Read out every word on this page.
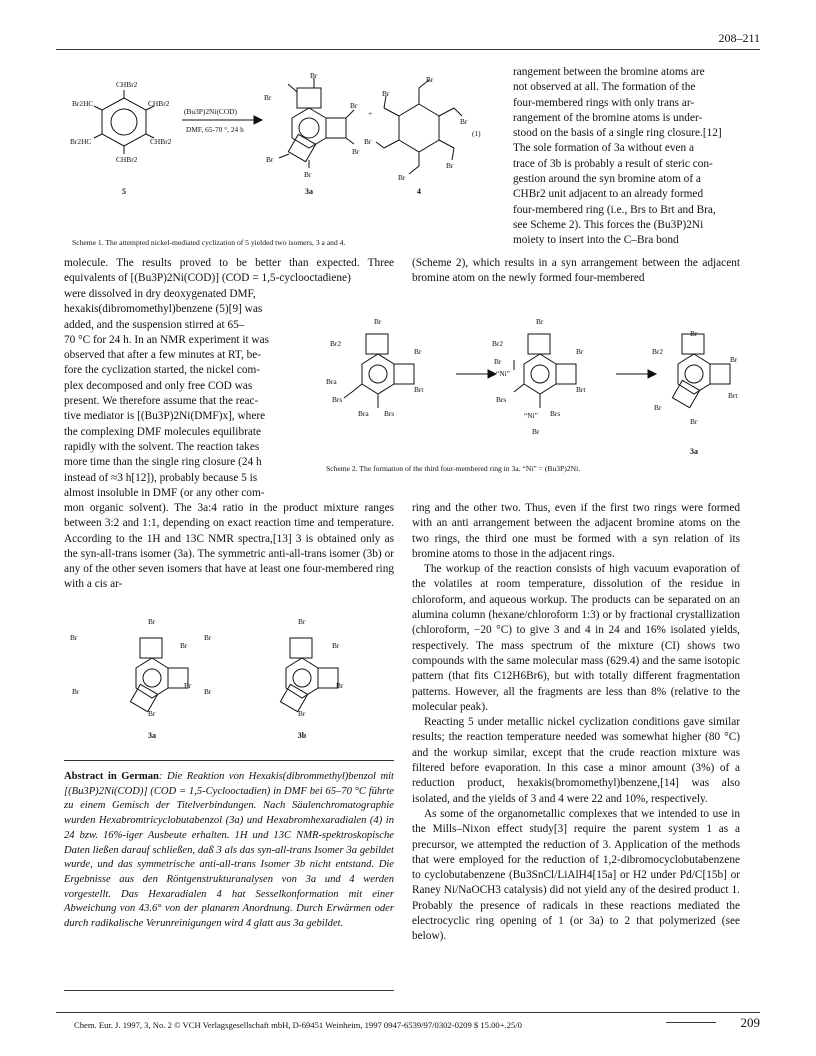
208–211
CHBr2
Br2HC	CHBr2
Br2HC	CHBr2
CHBr2
(Bu3P)2Ni(COD)
DMF, 65-70 °, 24 h
Br
Br
Br
Br
Br
Br
+
Br
Br
Br
Br
Br
Br
(1)
5	3a	4
Scheme 1. The attempted nickel-mediated cyclization of 5 yielded two isomers, 3 a and 4.

rangement between the bromine atoms are

not observed at all. The formation of the

four-membered rings with only trans ar-

rangement of the bromine atoms is under-

stood on the basis of a single ring closure.[12]

The sole formation of 3a without even a

trace of 3b is probably a result of steric con-

gestion around the syn bromine atom of a

CHBr2 unit adjacent to an already formed

four-membered ring (i.e., Brs to Brt and Bra,

see Scheme 2). This forces the (Bu3P)2Ni

moiety to insert into the C–Bra bond

(Scheme 2), which results in a syn arrangement between the adjacent bromine atom on the newly formed four-membered
molecule. The results proved to be better than expected. Three equivalents of [(Bu3P)2Ni(COD)] (COD = 1,5-cyclooctadiene)

were dissolved in dry deoxygenated DMF,

hexakis(dibromomethyl)benzene (5)[9] was

added, and the suspension stirred at 65–

70 °C for 24 h. In an NMR experiment it was

observed that after a few minutes at RT, be-

fore the cyclization started, the nickel com-

plex decomposed and only free COD was

present. We therefore assume that the reac-

tive mediator is [(Bu3P)2Ni(DMF)x], where

the complexing DMF molecules equilibrate

rapidly with the solvent. The reaction takes

more time than the single ring closure (24 h

instead of ≈3 h[12]), probably because 5 is

almost insoluble in DMF (or any other com-

Br
Br2
Br
Brt
Bra
Brs
Bra Brs
Br
Br2
Br
Brt
Br
“Ni”
Brs
“Ni” Brs
Br
Br
Br2
Br
Brt
Br
Br
3a
Scheme 2. The formation of the third four-membered ring in 3a. “Ni” = (Bu3P)2Ni.
mon organic solvent). The 3a:4 ratio in the product mixture ranges between 3:2 and 1:1, depending on exact reaction time and temperature. According to the 1H and 13C NMR spectra,[13] 3 is obtained only as the syn-all-trans isomer (3a). The symmetric anti-all-trans isomer (3b) or any of the other seven isomers that have at least one four-membered ring with a cis ar-
Br
Br
Br
Br
Br
Br
Br
Br
Br
Br
Br
Br
3a	3b
Abstract in German: Die Reaktion von Hexakis(dibrommethyl)benzol mit [(Bu3P)2Ni(COD)] (COD = 1,5-Cyclooctadien) in DMF bei 65–70 °C führte zu einem Gemisch der Titelverbindungen. Nach Säulenchromatographie wurden Hexabromtricyclobutabenzol (3a) und Hexabromhexaradialen (4) in 24 bzw. 16%-iger Ausbeute erhalten. 1H und 13C NMR-spektroskopische Daten ließen darauf schließen, daß 3 als das syn-all-trans Isomer 3a gebildet wurde, und das symmetrische anti-all-trans Isomer 3b nicht entstand. Die Ergebnisse aus den Röntgenstrukturanalysen von 3a und 4 werden vorgestellt. Das Hexaradialen 4 hat Sesselkonformation mit einer Abweichung von 43.6° von der planaren Anordnung. Durch Erwärmen oder durch radikalische Verunreinigungen wird 4 glatt aus 3a gebildet.

ring and the other two. Thus, even if the first two rings were formed with an anti arrangement between the adjacent bromine atoms on the two rings, the third one must be formed with a syn relation of its bromine atoms to those in the adjacent rings.

The workup of the reaction consists of high vacuum evaporation of the volatiles at room temperature, dissolution of the residue in chloroform, and aqueous workup. The products can be separated on an alumina column (hexane/chloroform 1:3) or by fractional crystallization (chloroform, −20 °C) to give 3 and 4 in 24 and 16% isolated yields, respectively. The mass spectrum of the mixture (CI) shows two compounds with the same molecular mass (629.4) and the same isotopic pattern (that fits C12H6Br6), but with totally different fragmentation patterns. However, all the fragments are less than 8% (relative to the molecular peak).

Reacting 5 under metallic nickel cyclization conditions gave similar results; the reaction temperature needed was somewhat higher (80 °C) and the workup similar, except that the crude reaction mixture was filtered before evaporation. In this case a minor amount (3%) of a reduction product, hexakis(bromomethyl)benzene,[14] was also isolated, and the yields of 3 and 4 were 22 and 10%, respectively.

As some of the organometallic complexes that we intended to use in the Mills–Nixon effect study[3] require the parent system 1 as a precursor, we attempted the reduction of 3. Application of the methods that were employed for the reduction of 1,2-dibromocyclobutabenzene to cyclobutabenzene (Bu3SnCl/LiAlH4[15a] or H2 under Pd/C[15b] or Raney Ni/NaOCH3 catalysis) did not yield any of the desired product 1. Probably the presence of radicals in these reactions mediated the electrocyclic ring opening of 1 (or 3a) to 2 that polymerized (see below).

Chem. Eur. J. 1997, 3, No. 2 © VCH Verlagsgesellschaft mbH, D-69451 Weinheim, 1997 0947-6539/97/0302-0209 $ 15.00+.25/0	209
